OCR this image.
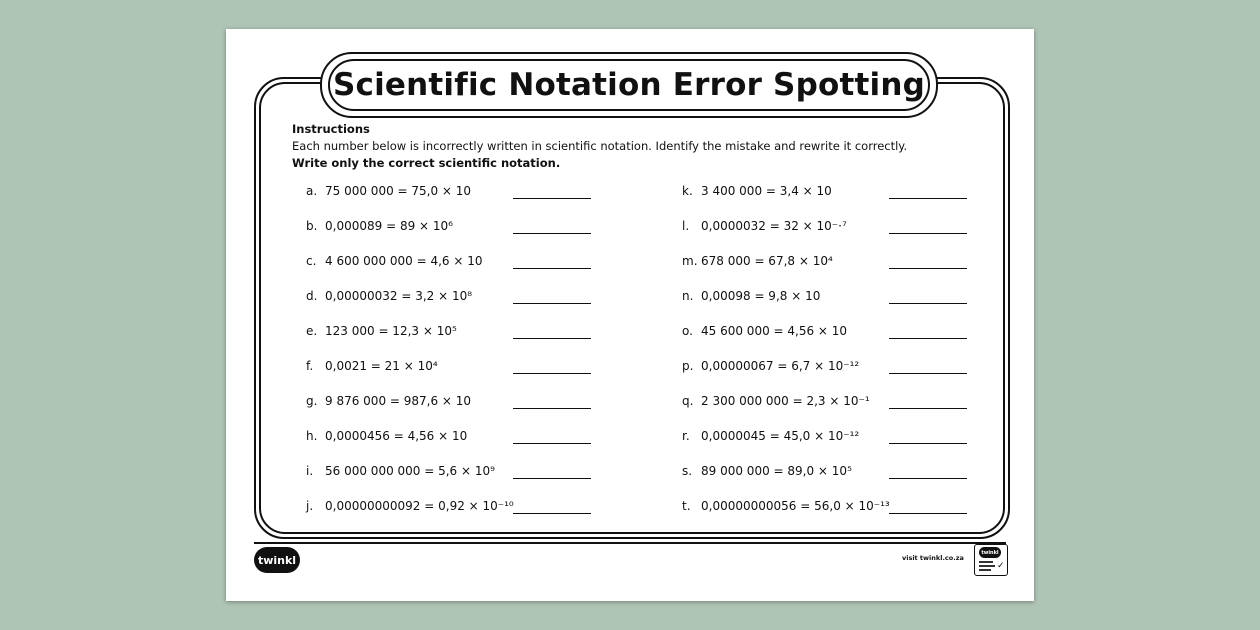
Scientific Notation Error Spotting
Instructions
Each number below is incorrectly written in scientific notation. Identify the mistake and rewrite it correctly.
Write only the correct scientific notation.
a. 75 000 000 = 75,0 × 10
b. 0,000089 = 89 × 10⁶
c. 4 600 000 000 = 4,6 × 10
d. 0,00000032 = 3,2 × 10⁸
e. 123 000 = 12,3 × 10⁵
f. 0,0021 = 21 × 10⁴
g. 9 876 000 = 987,6 × 10
h. 0,0000456 = 4,56 × 10
i. 56 000 000 000 = 5,6 × 10⁹
j. 0,00000000092 = 0,92 × 10⁻¹⁰
k. 3 400 000 = 3,4 × 10
l. 0,0000032 = 32 × 10⁻·⁷
m. 678 000 = 67,8 × 10⁴
n. 0,00098 = 9,8 × 10
o. 45 600 000 = 4,56 × 10
p. 0,00000067 = 6,7 × 10⁻¹²
q. 2 300 000 000 = 2,3 × 10⁻¹
r. 0,0000045 = 45,0 × 10⁻¹²
s. 89 000 000 = 89,0 × 10⁵
t. 0,00000000056 = 56,0 × 10⁻¹³
twinkl	visit twinkl.co.za
twinkl
✓
